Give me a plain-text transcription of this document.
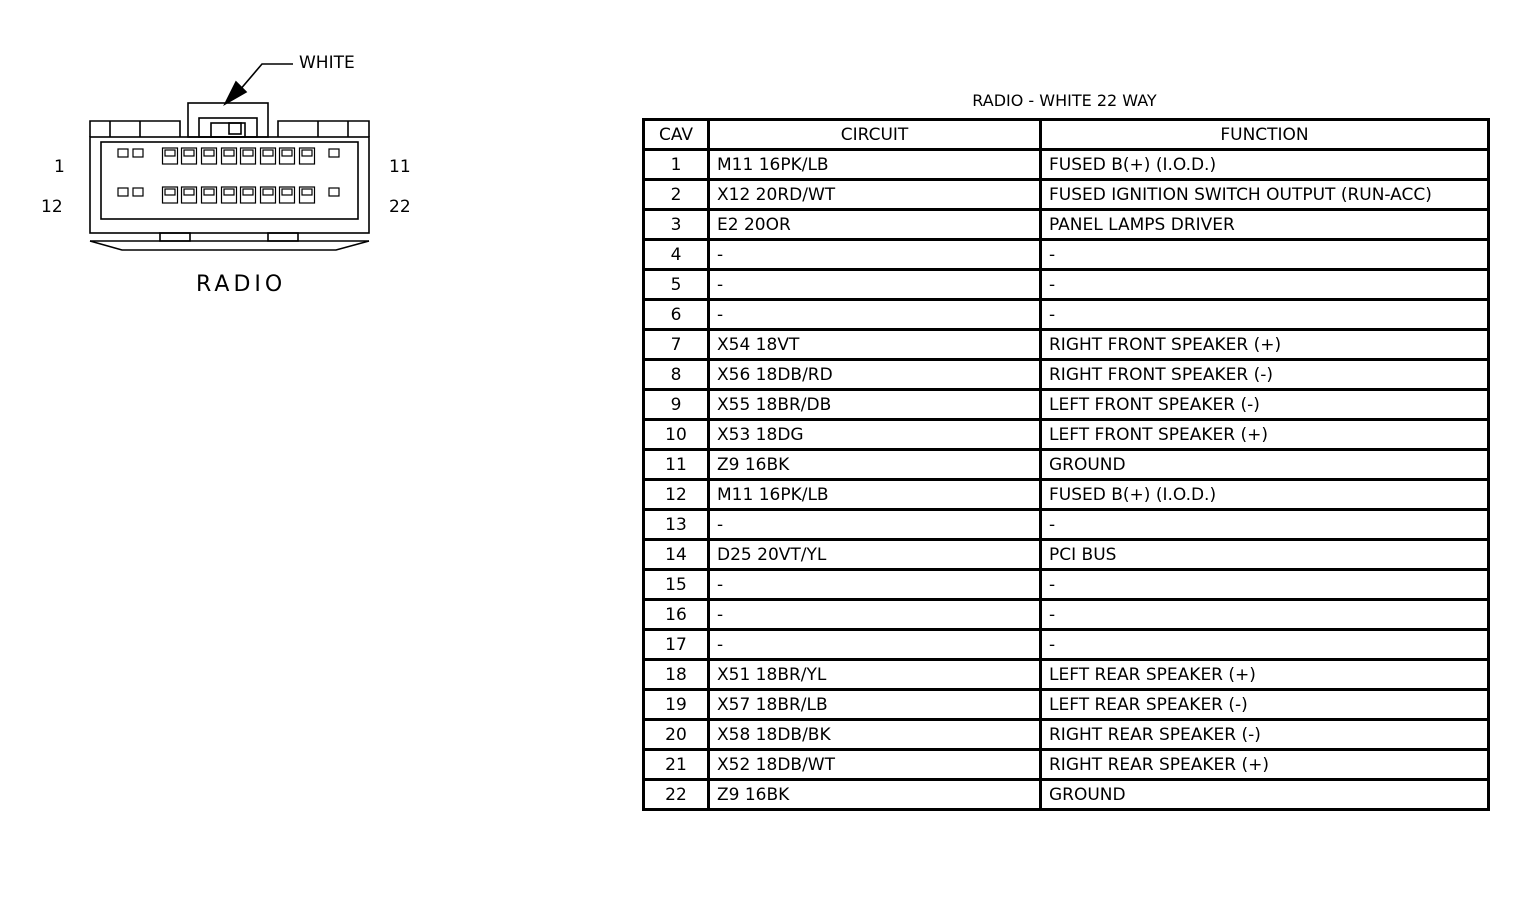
WHITE
1	11
12	22
RADIO
RADIO - WHITE 22 WAY
CAV	CIRCUIT	FUNCTION
1	M11 16PK/LB	FUSED B(+) (I.O.D.)
2	X12 20RD/WT	FUSED IGNITION SWITCH OUTPUT (RUN-ACC)
3	E2 20OR	PANEL LAMPS DRIVER
4	-	-
5	-	-
6	-	-
7	X54 18VT	RIGHT FRONT SPEAKER (+)
8	X56 18DB/RD	RIGHT FRONT SPEAKER (-)
9	X55 18BR/DB	LEFT FRONT SPEAKER (-)
10	X53 18DG	LEFT FRONT SPEAKER (+)
11	Z9 16BK	GROUND
12	M11 16PK/LB	FUSED B(+) (I.O.D.)
13	-	-
14	D25 20VT/YL	PCI BUS
15	-	-
16	-	-
17	-	-
18	X51 18BR/YL	LEFT REAR SPEAKER (+)
19	X57 18BR/LB	LEFT REAR SPEAKER (-)
20	X58 18DB/BK	RIGHT REAR SPEAKER (-)
21	X52 18DB/WT	RIGHT REAR SPEAKER (+)
22	Z9 16BK	GROUND
